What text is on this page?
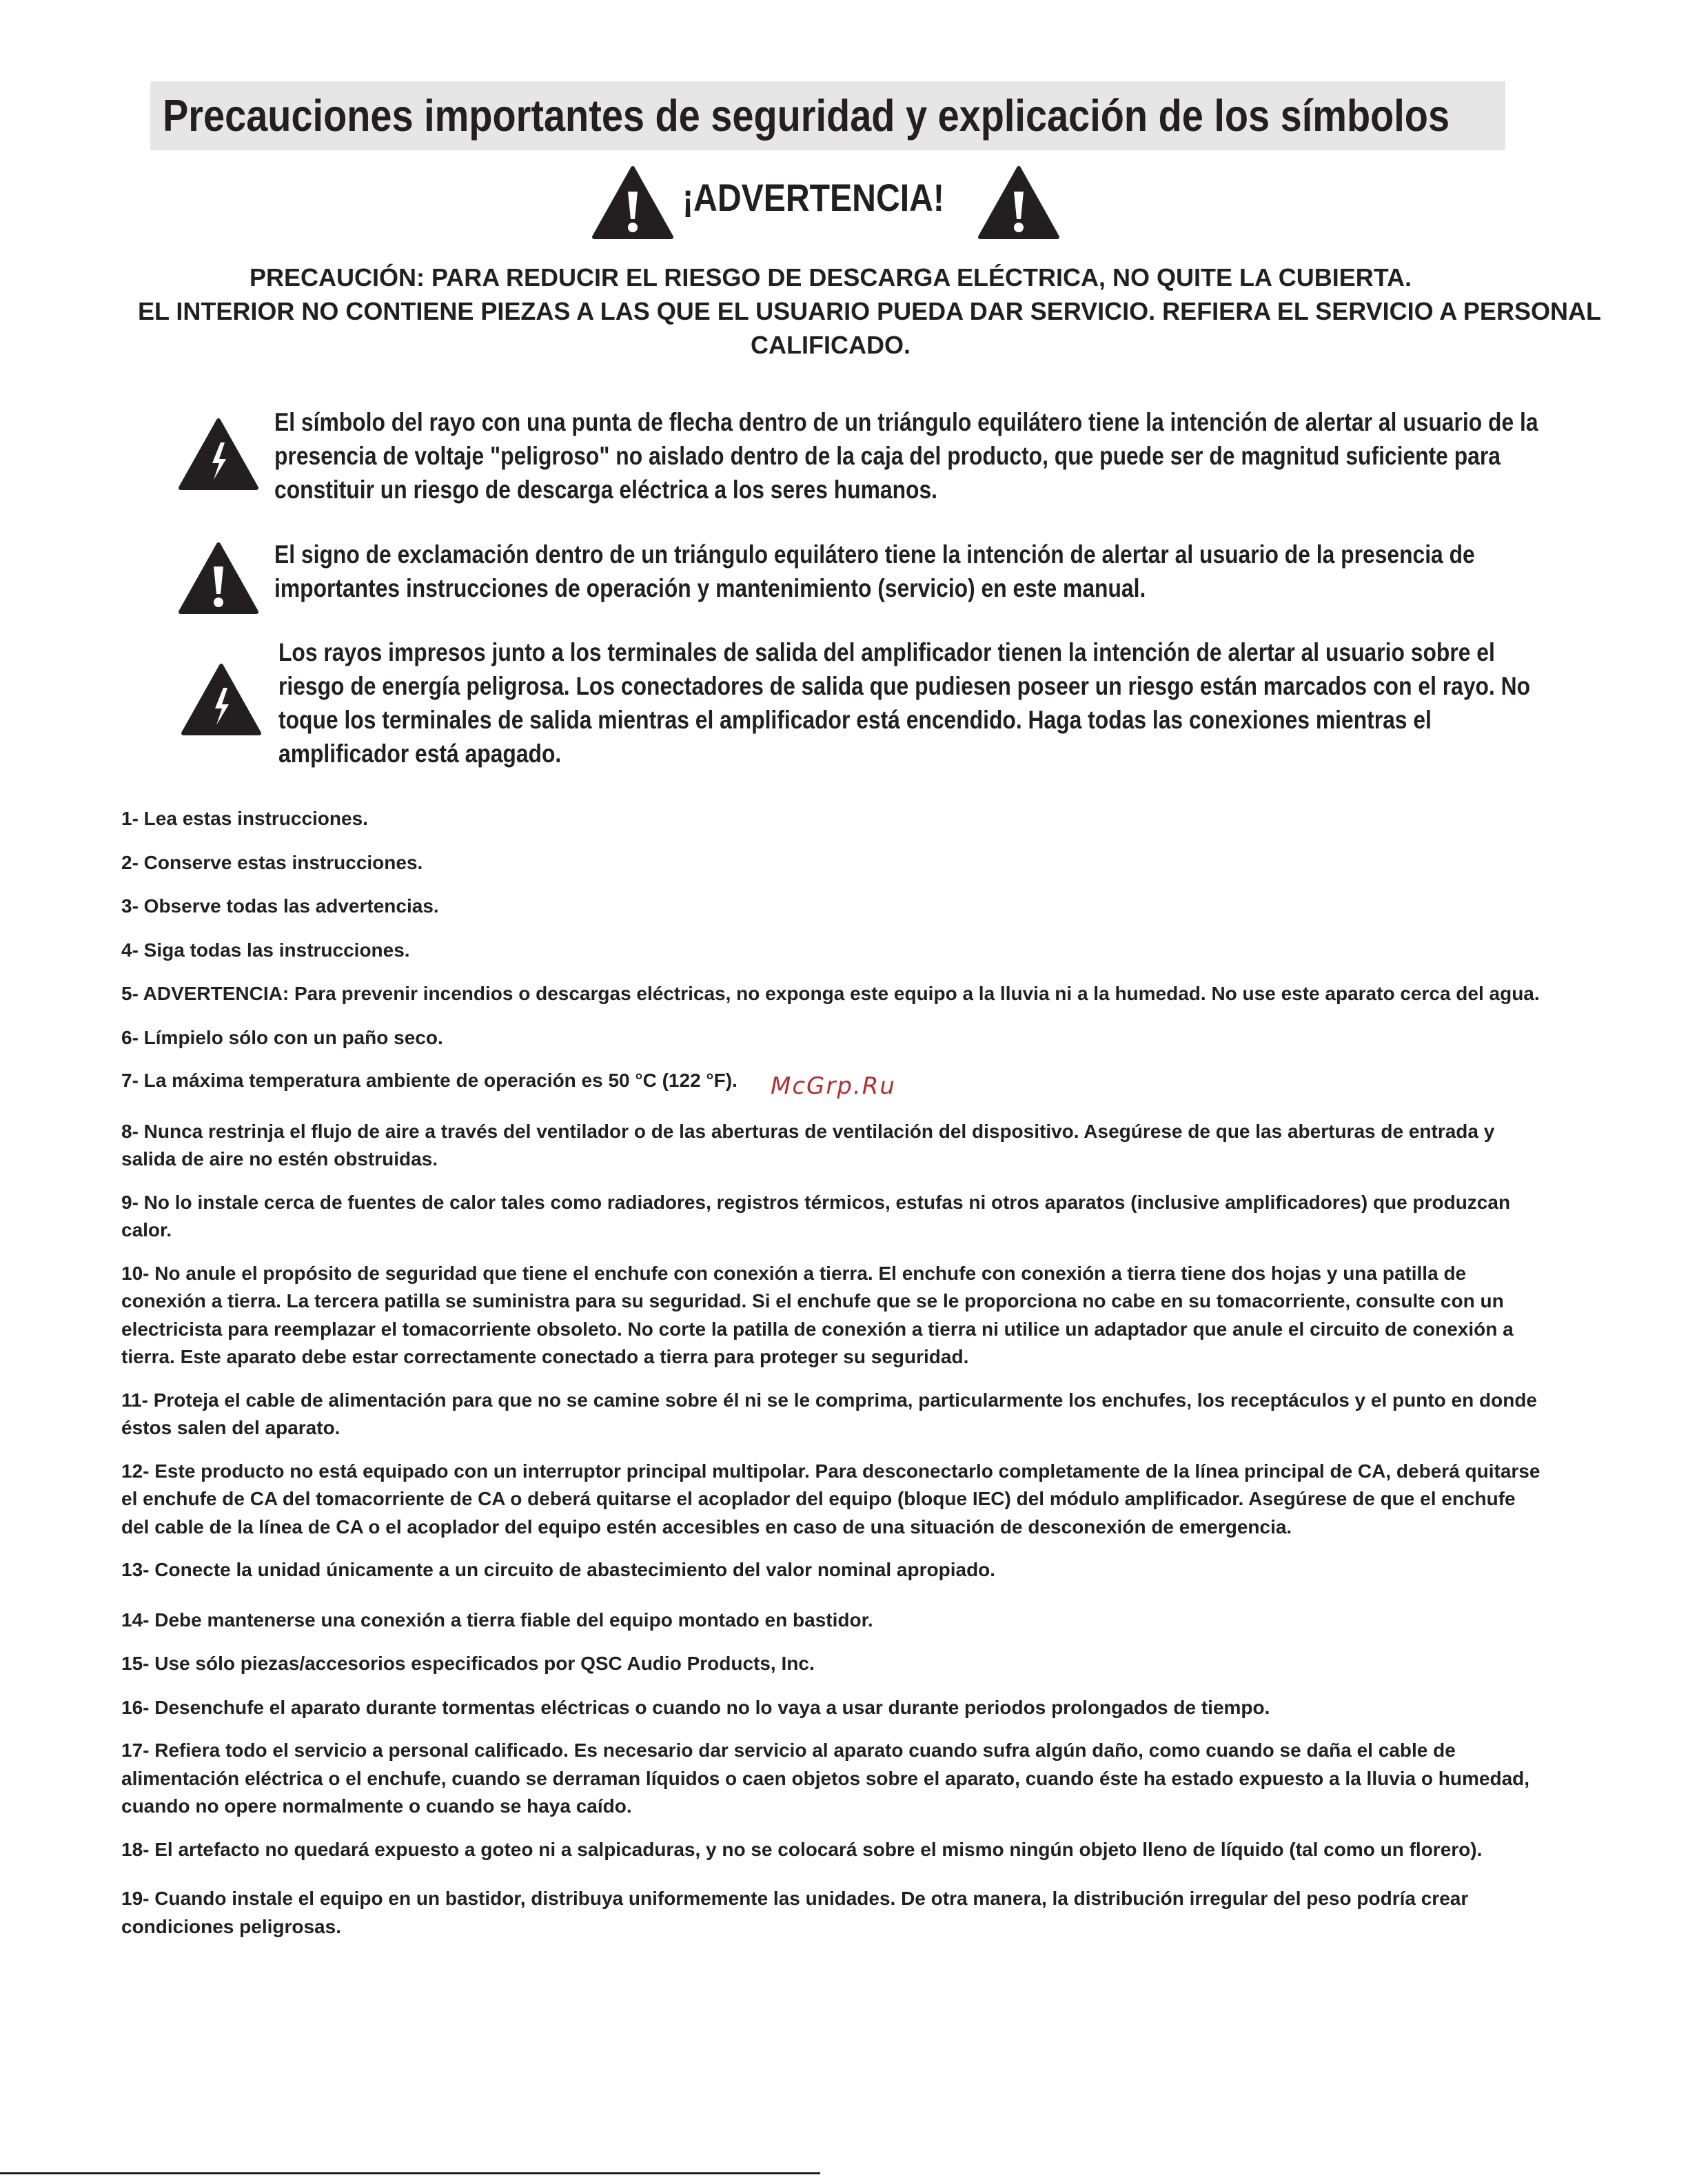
Precauciones importantes de seguridad y explicación de los símbolos
¡ADVERTENCIA!
PRECAUCIÓN: PARA REDUCIR EL RIESGO DE DESCARGA ELÉCTRICA, NO QUITE LA CUBIERTA.
EL INTERIOR NO CONTIENE PIEZAS A LAS QUE EL USUARIO PUEDA DAR SERVICIO. REFIERA EL SERVICIO A PERSONAL
CALIFICADO.
El símbolo del rayo con una punta de flecha dentro de un triángulo equilátero tiene la intención de alertar al usuario de la presencia de voltaje "peligroso" no aislado dentro de la caja del producto, que puede ser de magnitud suficiente para constituir un riesgo de descarga eléctrica a los seres humanos.
El signo de exclamación dentro de un triángulo equilátero tiene la intención de alertar al usuario de la presencia de importantes instrucciones de operación y mantenimiento (servicio) en este manual.
Los rayos impresos junto a los terminales de salida del amplificador tienen la intención de alertar al usuario sobre el riesgo de energía peligrosa. Los conectadores de salida que pudiesen poseer un riesgo están marcados con el rayo. No toque los terminales de salida mientras el amplificador está encendido. Haga todas las conexiones mientras el amplificador está apagado.
1- Lea estas instrucciones.
2- Conserve estas instrucciones.
3- Observe todas las advertencias.
4- Siga todas las instrucciones.
5- ADVERTENCIA: Para prevenir incendios o descargas eléctricas, no exponga este equipo a la lluvia ni a la humedad. No use este aparato cerca del agua.
6- Límpielo sólo con un paño seco.
7- La máxima temperatura ambiente de operación es 50 °C (122 °F).
8- Nunca restrinja el flujo de aire a través del ventilador o de las aberturas de ventilación del dispositivo. Asegúrese de que las aberturas de entrada y salida de aire no estén obstruidas.
9- No lo instale cerca de fuentes de calor tales como radiadores, registros térmicos, estufas ni otros aparatos (inclusive amplificadores) que produzcan calor.
10- No anule el propósito de seguridad que tiene el enchufe con conexión a tierra. El enchufe con conexión a tierra tiene dos hojas y una patilla de conexión a tierra. La tercera patilla se suministra para su seguridad. Si el enchufe que se le proporciona no cabe en su tomacorriente, consulte con un electricista para reemplazar el tomacorriente obsoleto. No corte la patilla de conexión a tierra ni utilice un adaptador que anule el circuito de conexión a tierra. Este aparato debe estar correctamente conectado a tierra para proteger su seguridad.
11- Proteja el cable de alimentación para que no se camine sobre él ni se le comprima, particularmente los enchufes, los receptáculos y el punto en donde éstos salen del aparato.
12- Este producto no está equipado con un interruptor principal multipolar. Para desconectarlo completamente de la línea principal de CA, deberá quitarse el enchufe de CA del tomacorriente de CA o deberá quitarse el acoplador del equipo (bloque IEC) del módulo amplificador. Asegúrese de que el enchufe del cable de la línea de CA o el acoplador del equipo estén accesibles en caso de una situación de desconexión de emergencia.
13- Conecte la unidad únicamente a un circuito de abastecimiento del valor nominal apropiado.
14- Debe mantenerse una conexión a tierra fiable del equipo montado en bastidor.
15- Use sólo piezas/accesorios especificados por QSC Audio Products, Inc.
16- Desenchufe el aparato durante tormentas eléctricas o cuando no lo vaya a usar durante periodos prolongados de tiempo.
17- Refiera todo el servicio a personal calificado. Es necesario dar servicio al aparato cuando sufra algún daño, como cuando se daña el cable de alimentación eléctrica o el enchufe, cuando se derraman líquidos o caen objetos sobre el aparato, cuando éste ha estado expuesto a la lluvia o humedad, cuando no opere normalmente o cuando se haya caído.
18- El artefacto no quedará expuesto a goteo ni a salpicaduras, y no se colocará sobre el mismo ningún objeto lleno de líquido (tal como un florero).
19- Cuando instale el equipo en un bastidor, distribuya uniformemente las unidades. De otra manera, la distribución irregular del peso podría crear condiciones peligrosas.
McGrp.Ru
